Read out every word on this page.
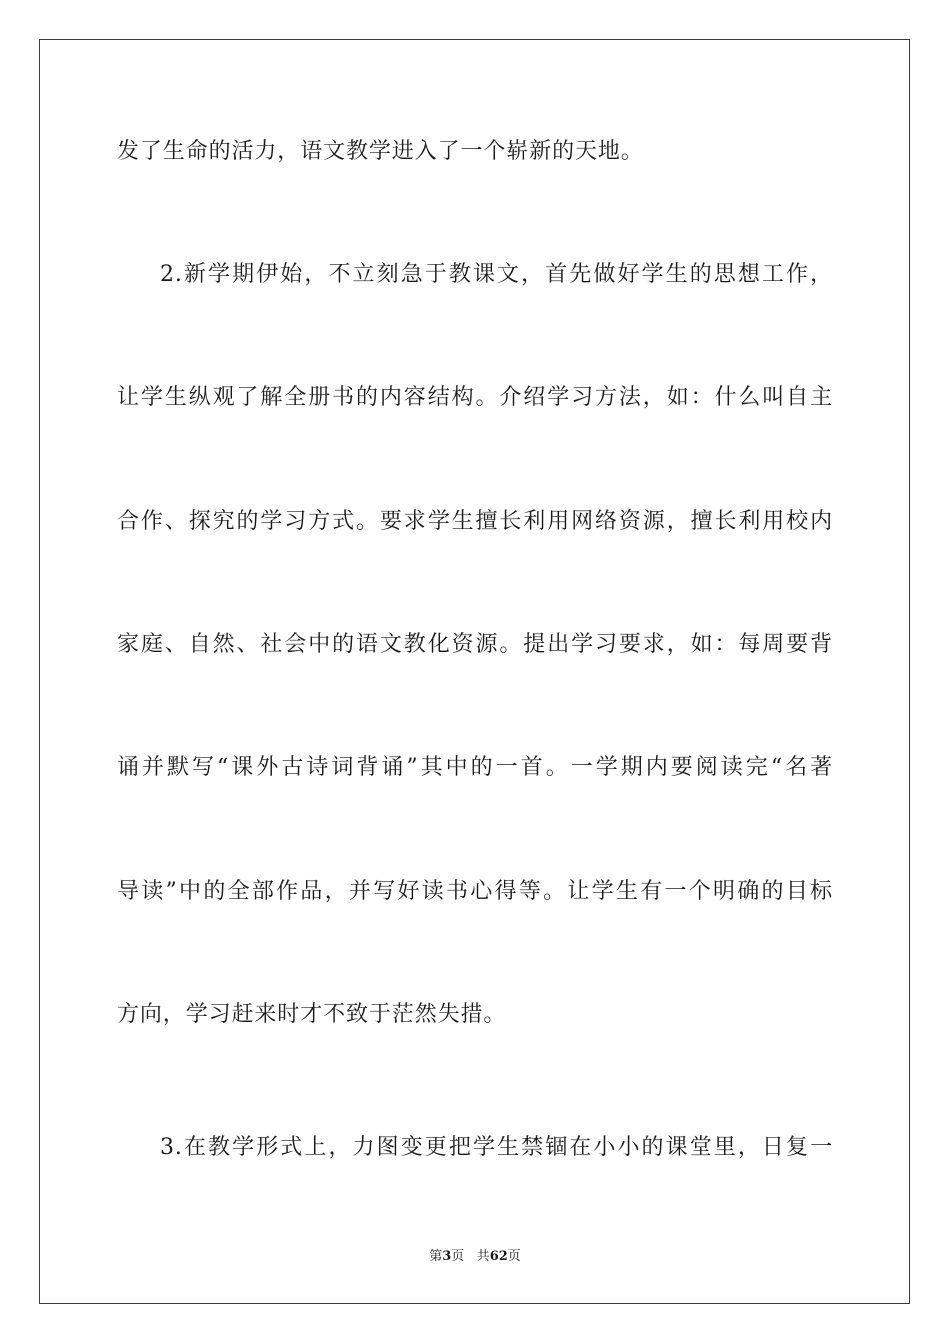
发了生命的活力，语文教学进入了一个崭新的天地。
2.新学期伊始，不立刻急于教课文，首先做好学生的思想工作，
让学生纵观了解全册书的内容结构。介绍学习方法，如：什么叫自主
合作、探究的学习方式。要求学生擅长利用网络资源，擅长利用校内
家庭、自然、社会中的语文教化资源。提出学习要求，如：每周要背
诵并默写“课外古诗词背诵”其中的一首。一学期内要阅读完“名著
导读”中的全部作品，并写好读书心得等。让学生有一个明确的目标
方向，学习赶来时才不致于茫然失措。
3.在教学形式上，力图变更把学生禁锢在小小的课堂里，日复一
第3页 共62页
